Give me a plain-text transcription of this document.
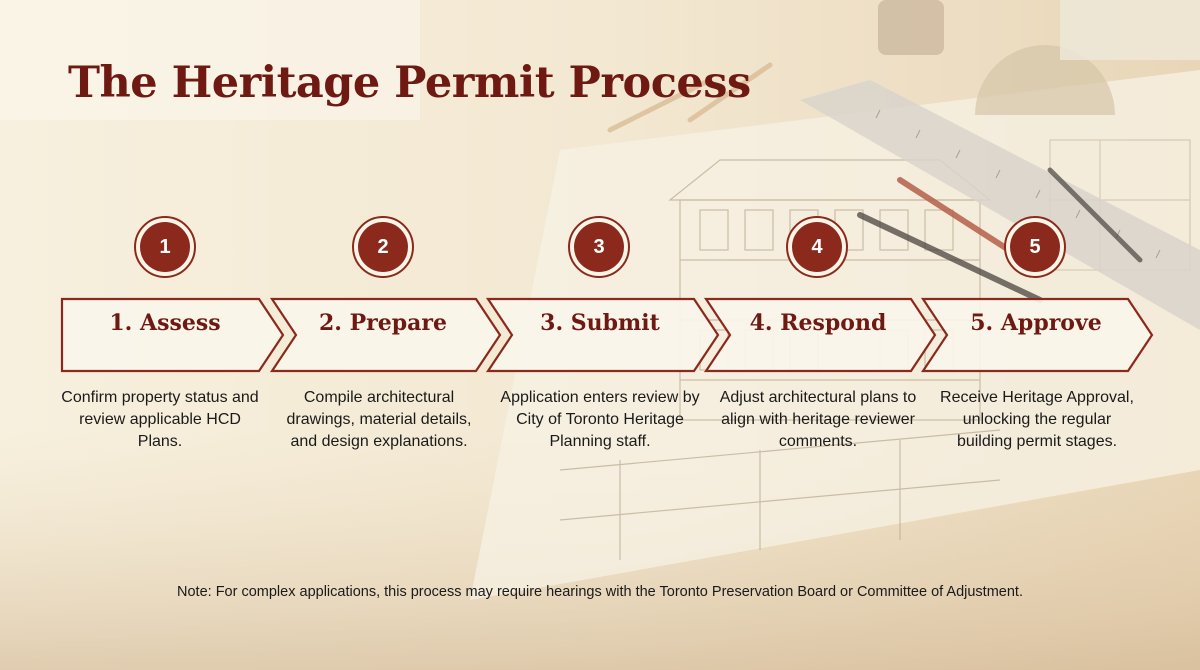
The Heritage Permit Process
1	2	3	4	5
1. Assess	2. Prepare	3. Submit	4. Respond	5. Approve
Confirm property status and review applicable HCD Plans.
Compile architectural drawings, material details, and design explanations.
Application enters review by City of Toronto Heritage Planning staff.
Adjust architectural plans to align with heritage reviewer comments.
Receive Heritage Approval, unlocking the regular building permit stages.
Note: For complex applications, this process may require hearings with the Toronto Preservation Board or Committee of Adjustment.
